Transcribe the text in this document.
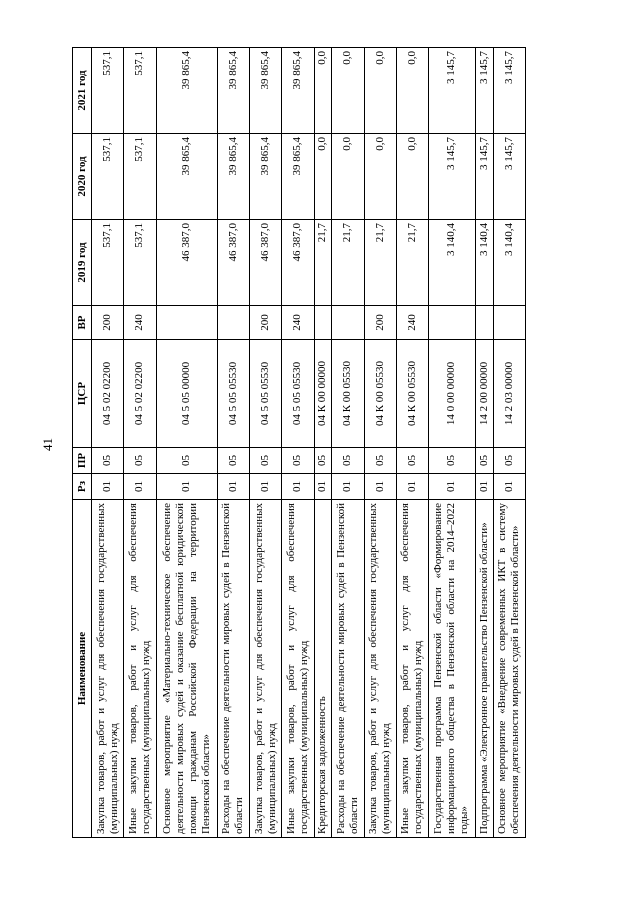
41
Наименование	Рз	ПР	ЦСР	ВР	2019 год	2020 год	2021 год
Закупка товаров, работ и услуг для обеспечения государственных (муниципальных) нужд	01	05	04 5 02 02200	200	537,1	537,1	537,1
Иные закупки товаров, работ и услуг для обеспечения государственных (муниципальных) нужд	01	05	04 5 02 02200	240	537,1	537,1	537,1
Основное мероприятие «Материально-техническое обеспечение деятельности мировых судей и оказание бесплатной юридической помощи гражданам Российской Федерации на территории Пензенской области»	01	05	04 5 05 00000		46 387,0	39 865,4	39 865,4
Расходы на обеспечение деятельности мировых судей в Пензенской области	01	05	04 5 05 05530		46 387,0	39 865,4	39 865,4
Закупка товаров, работ и услуг для обеспечения государственных (муниципальных) нужд	01	05	04 5 05 05530	200	46 387,0	39 865,4	39 865,4
Иные закупки товаров, работ и услуг для обеспечения государственных (муниципальных) нужд	01	05	04 5 05 05530	240	46 387,0	39 865,4	39 865,4
Кредиторская задолженность	01	05	04 К 00 00000		21,7	0,0	0,0
Расходы на обеспечение деятельности мировых судей в Пензенской области	01	05	04 К 00 05530		21,7	0,0	0,0
Закупка товаров, работ и услуг для обеспечения государственных (муниципальных) нужд	01	05	04 К 00 05530	200	21,7	0,0	0,0
Иные закупки товаров, работ и услуг для обеспечения государственных (муниципальных) нужд	01	05	04 К 00 05530	240	21,7	0,0	0,0
Государственная программа Пензенской области «Формирование информационного общества в Пензенской области на 2014–2022 годы»	01	05	14 0 00 00000		3 140,4	3 145,7	3 145,7
Подпрограмма «Электронное правительство Пензенской области»	01	05	14 2 00 00000		3 140,4	3 145,7	3 145,7
Основное мероприятие «Внедрение современных ИКТ в систему обеспечения деятельности мировых судей в Пензенской области»	01	05	14 2 03 00000		3 140,4	3 145,7	3 145,7
